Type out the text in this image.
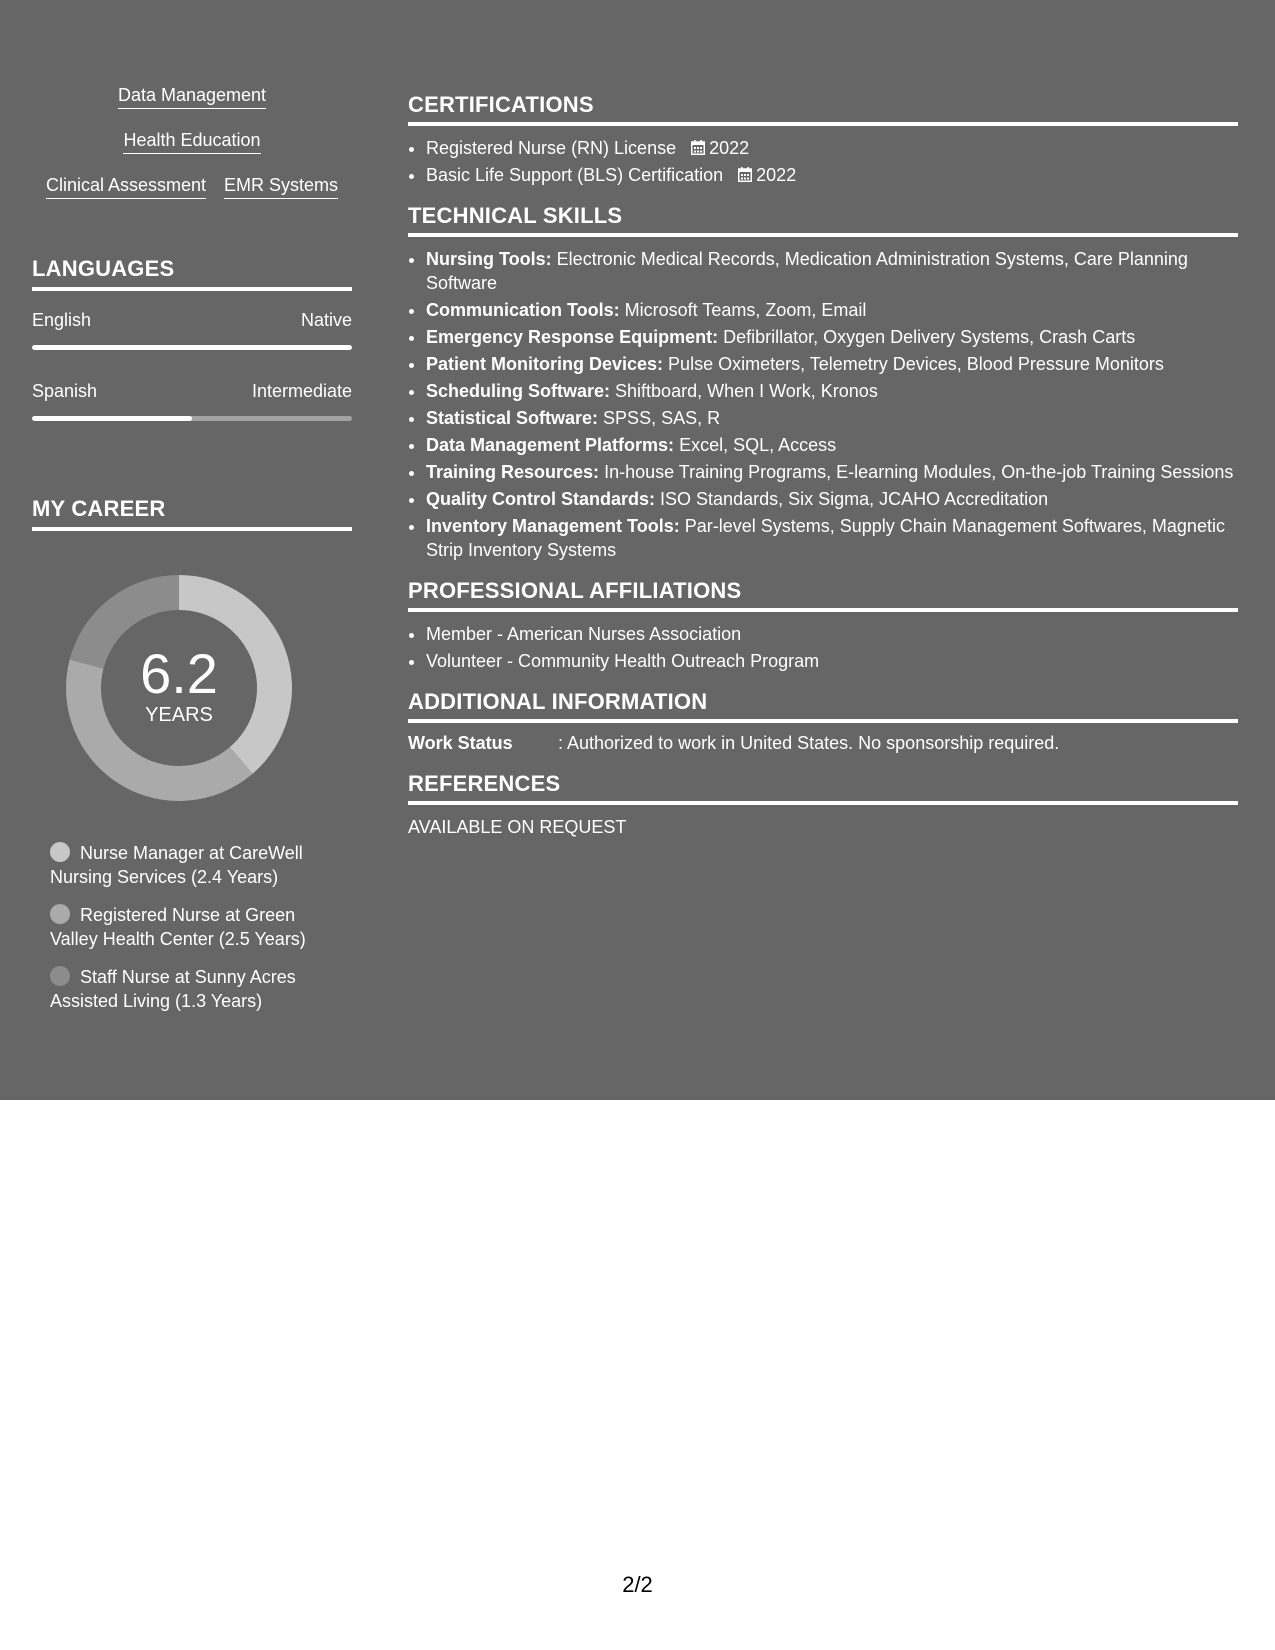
Data Management
Health Education
Clinical Assessment EMR Systems
LANGUAGES
English	Native
Spanish	Intermediate
MY CAREER
6.2
YEARS
Nurse Manager at CareWell Nursing Services (2.4 Years)
Registered Nurse at Green Valley Health Center (2.5 Years)
Staff Nurse at Sunny Acres Assisted Living (1.3 Years)
CERTIFICATIONS
• Registered Nurse (RN) License 2022
• Basic Life Support (BLS) Certification 2022
TECHNICAL SKILLS
• Nursing Tools: Electronic Medical Records, Medication Administration Systems, Care Planning Software
• Communication Tools: Microsoft Teams, Zoom, Email
• Emergency Response Equipment: Defibrillator, Oxygen Delivery Systems, Crash Carts
• Patient Monitoring Devices: Pulse Oximeters, Telemetry Devices, Blood Pressure Monitors
• Scheduling Software: Shiftboard, When I Work, Kronos
• Statistical Software: SPSS, SAS, R
• Data Management Platforms: Excel, SQL, Access
• Training Resources: In-house Training Programs, E-learning Modules, On-the-job Training Sessions
• Quality Control Standards: ISO Standards, Six Sigma, JCAHO Accreditation
• Inventory Management Tools: Par-level Systems, Supply Chain Management Softwares, Magnetic Strip Inventory Systems
PROFESSIONAL AFFILIATIONS
• Member - American Nurses Association
• Volunteer - Community Health Outreach Program
ADDITIONAL INFORMATION
Work Status	: Authorized to work in United States. No sponsorship required.
REFERENCES
AVAILABLE ON REQUEST
2/2
